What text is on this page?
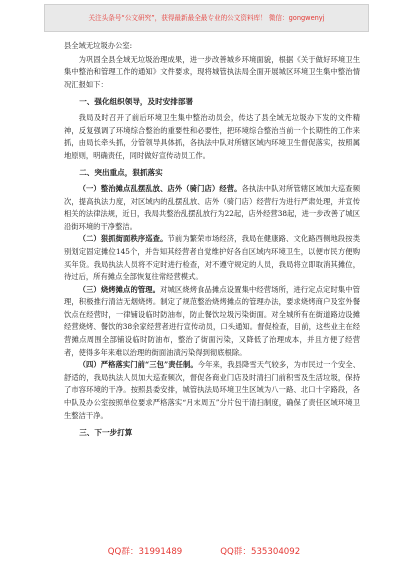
关注头条号“公文研究”，获得最新最全最专业的公文资料库！ 微信：gongwenyj

县全域无垃圾办公室:

为巩固全县全域无垃圾治理成果，进一步改善城乡环境面貌，根据《关于做好环境卫生集中整治和管理工作的通知》文件要求，现将城管执法局全面开展城区环境卫生集中整治情况汇报如下：

一、强化组织领导，及时安排部署

我局及时召开了前后环境卫生集中整治动员会，传达了县全域无垃圾办下发的文件精神，反复强调了环境综合整治的重要性和必要性，把环境综合整治当前一个长期性的工作来抓，由局长牵头抓，分管领导具体抓，各执法中队对所辖区域内环境卫生督促落实，按照属地原则，明确责任，同时做好宣传动员工作。

二、突出重点，狠抓落实

（一）整治摊点乱摆乱放、店外（骑门店）经营。各执法中队对所管辖区域加大巡查频次，提高执法力度，对区域内的乱摆乱放、店外（骑门店）经营行为进行严肃处理，并宣传相关的法律法规，近日，我局共整治乱摆乱放行为22起，店外经营38起，进一步改善了城区沿街环境的干净整洁。

（二）狠抓街面秩序巡查。节前为繁荣市场经济，我局在健康路、文化路西侧地段按类别划定固定摊位145个，并告知其经营者自觉维护好各自区域内环境卫生，以便市民方便购买年货。我局执法人员将不定时进行检查，对不遵守规定的人员，我局将立即取消其摊位，待过后，所有摊点全部恢复往常经营模式。

（三）烧烤摊点的管理。对城区烧烤食品摊点设置集中经营场所，进行定点定时集中管理，积极推行清洁无烟烧烤。制定了规范整治烧烤摊点的管理办法，要求烧烤商户及室外餐饮点在经营时，一律铺设临时防油布，防止餐饮垃圾污染街面。对全城所有在街道路边设摊经营烧烤、餐饮的38余家经营者进行宣传动员，口头通知。督促检查，目前，这些业主在经营摊点周围全部铺设临时防油布，整治了街面污染，又降低了治理成本，并且方便了经营者，使得多年来难以治理的街面油渍污染得到彻底根除。

（四）严格落实门前“三包”责任制。今年来，我县降雪天气较多，为市民过一个安全、舒适的，我局执法人员加大巡查频次，督促各商业门店及时清扫门前积雪及生活垃圾，保持了市容环境的干净。按照县委安排，城管执法局环境卫生区域为八一路、北口十字路段，各中队及办公室按照单位要求严格落实“月末周五”分片包干清扫制度，确保了责任区域环境卫生整洁干净。

三、下一步打算
QQ群：31991489	QQ群：535304092
